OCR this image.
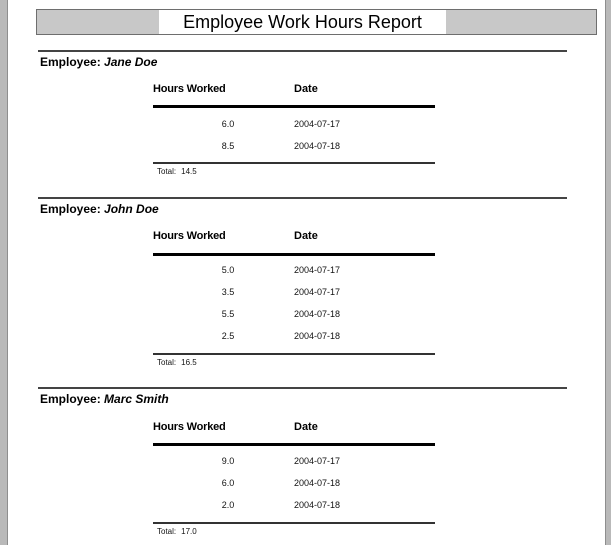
Employee Work Hours Report
Employee: Jane Doe
Hours Worked	Date
6.0	2004-07-17
8.5	2004-07-18
Total: 14.5
Employee: John Doe
Hours Worked	Date
5.0	2004-07-17
3.5	2004-07-17
5.5	2004-07-18
2.5	2004-07-18
Total: 16.5
Employee: Marc Smith
Hours Worked	Date
9.0	2004-07-17
6.0	2004-07-18
2.0	2004-07-18
Total: 17.0
